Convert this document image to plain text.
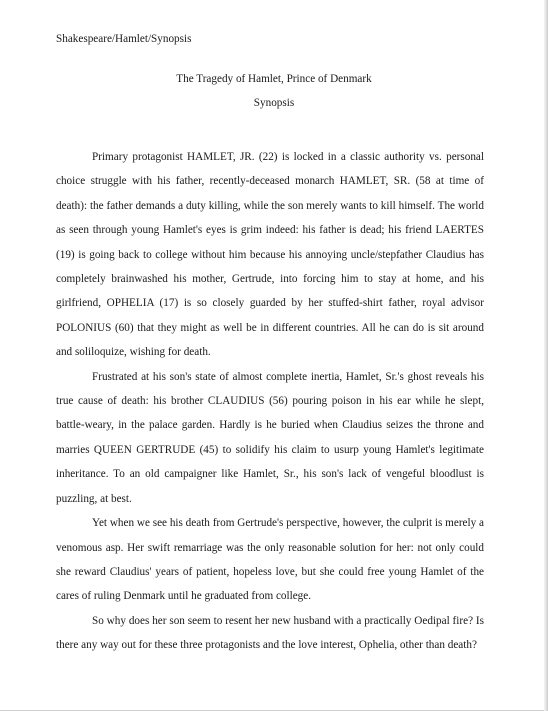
Shakespeare/Hamlet/Synopsis
The Tragedy of Hamlet, Prince of Denmark
Synopsis

Primary protagonist HAMLET, JR. (22) is locked in a classic authority vs. personal choice struggle with his father, recently-deceased monarch HAMLET, SR. (58 at time of death): the father demands a duty killing, while the son merely wants to kill himself. The world as seen through young Hamlet's eyes is grim indeed: his father is dead; his friend LAERTES (19) is going back to college without him because his annoying uncle/stepfather Claudius has completely brainwashed his mother, Gertrude, into forcing him to stay at home, and his girlfriend, OPHELIA (17) is so closely guarded by her stuffed-shirt father, royal advisor POLONIUS (60) that they might as well be in different countries. All he can do is sit around and soliloquize, wishing for death.

Frustrated at his son's state of almost complete inertia, Hamlet, Sr.'s ghost reveals his true cause of death: his brother CLAUDIUS (56) pouring poison in his ear while he slept, battle-weary, in the palace garden. Hardly is he buried when Claudius seizes the throne and marries QUEEN GERTRUDE (45) to solidify his claim to usurp young Hamlet's legitimate inheritance. To an old campaigner like Hamlet, Sr., his son's lack of vengeful bloodlust is puzzling, at best.

Yet when we see his death from Gertrude's perspective, however, the culprit is merely a venomous asp. Her swift remarriage was the only reasonable solution for her: not only could she reward Claudius' years of patient, hopeless love, but she could free young Hamlet of the cares of ruling Denmark until he graduated from college.

So why does her son seem to resent her new husband with a practically Oedipal fire? Is there any way out for these three protagonists and the love interest, Ophelia, other than death?
